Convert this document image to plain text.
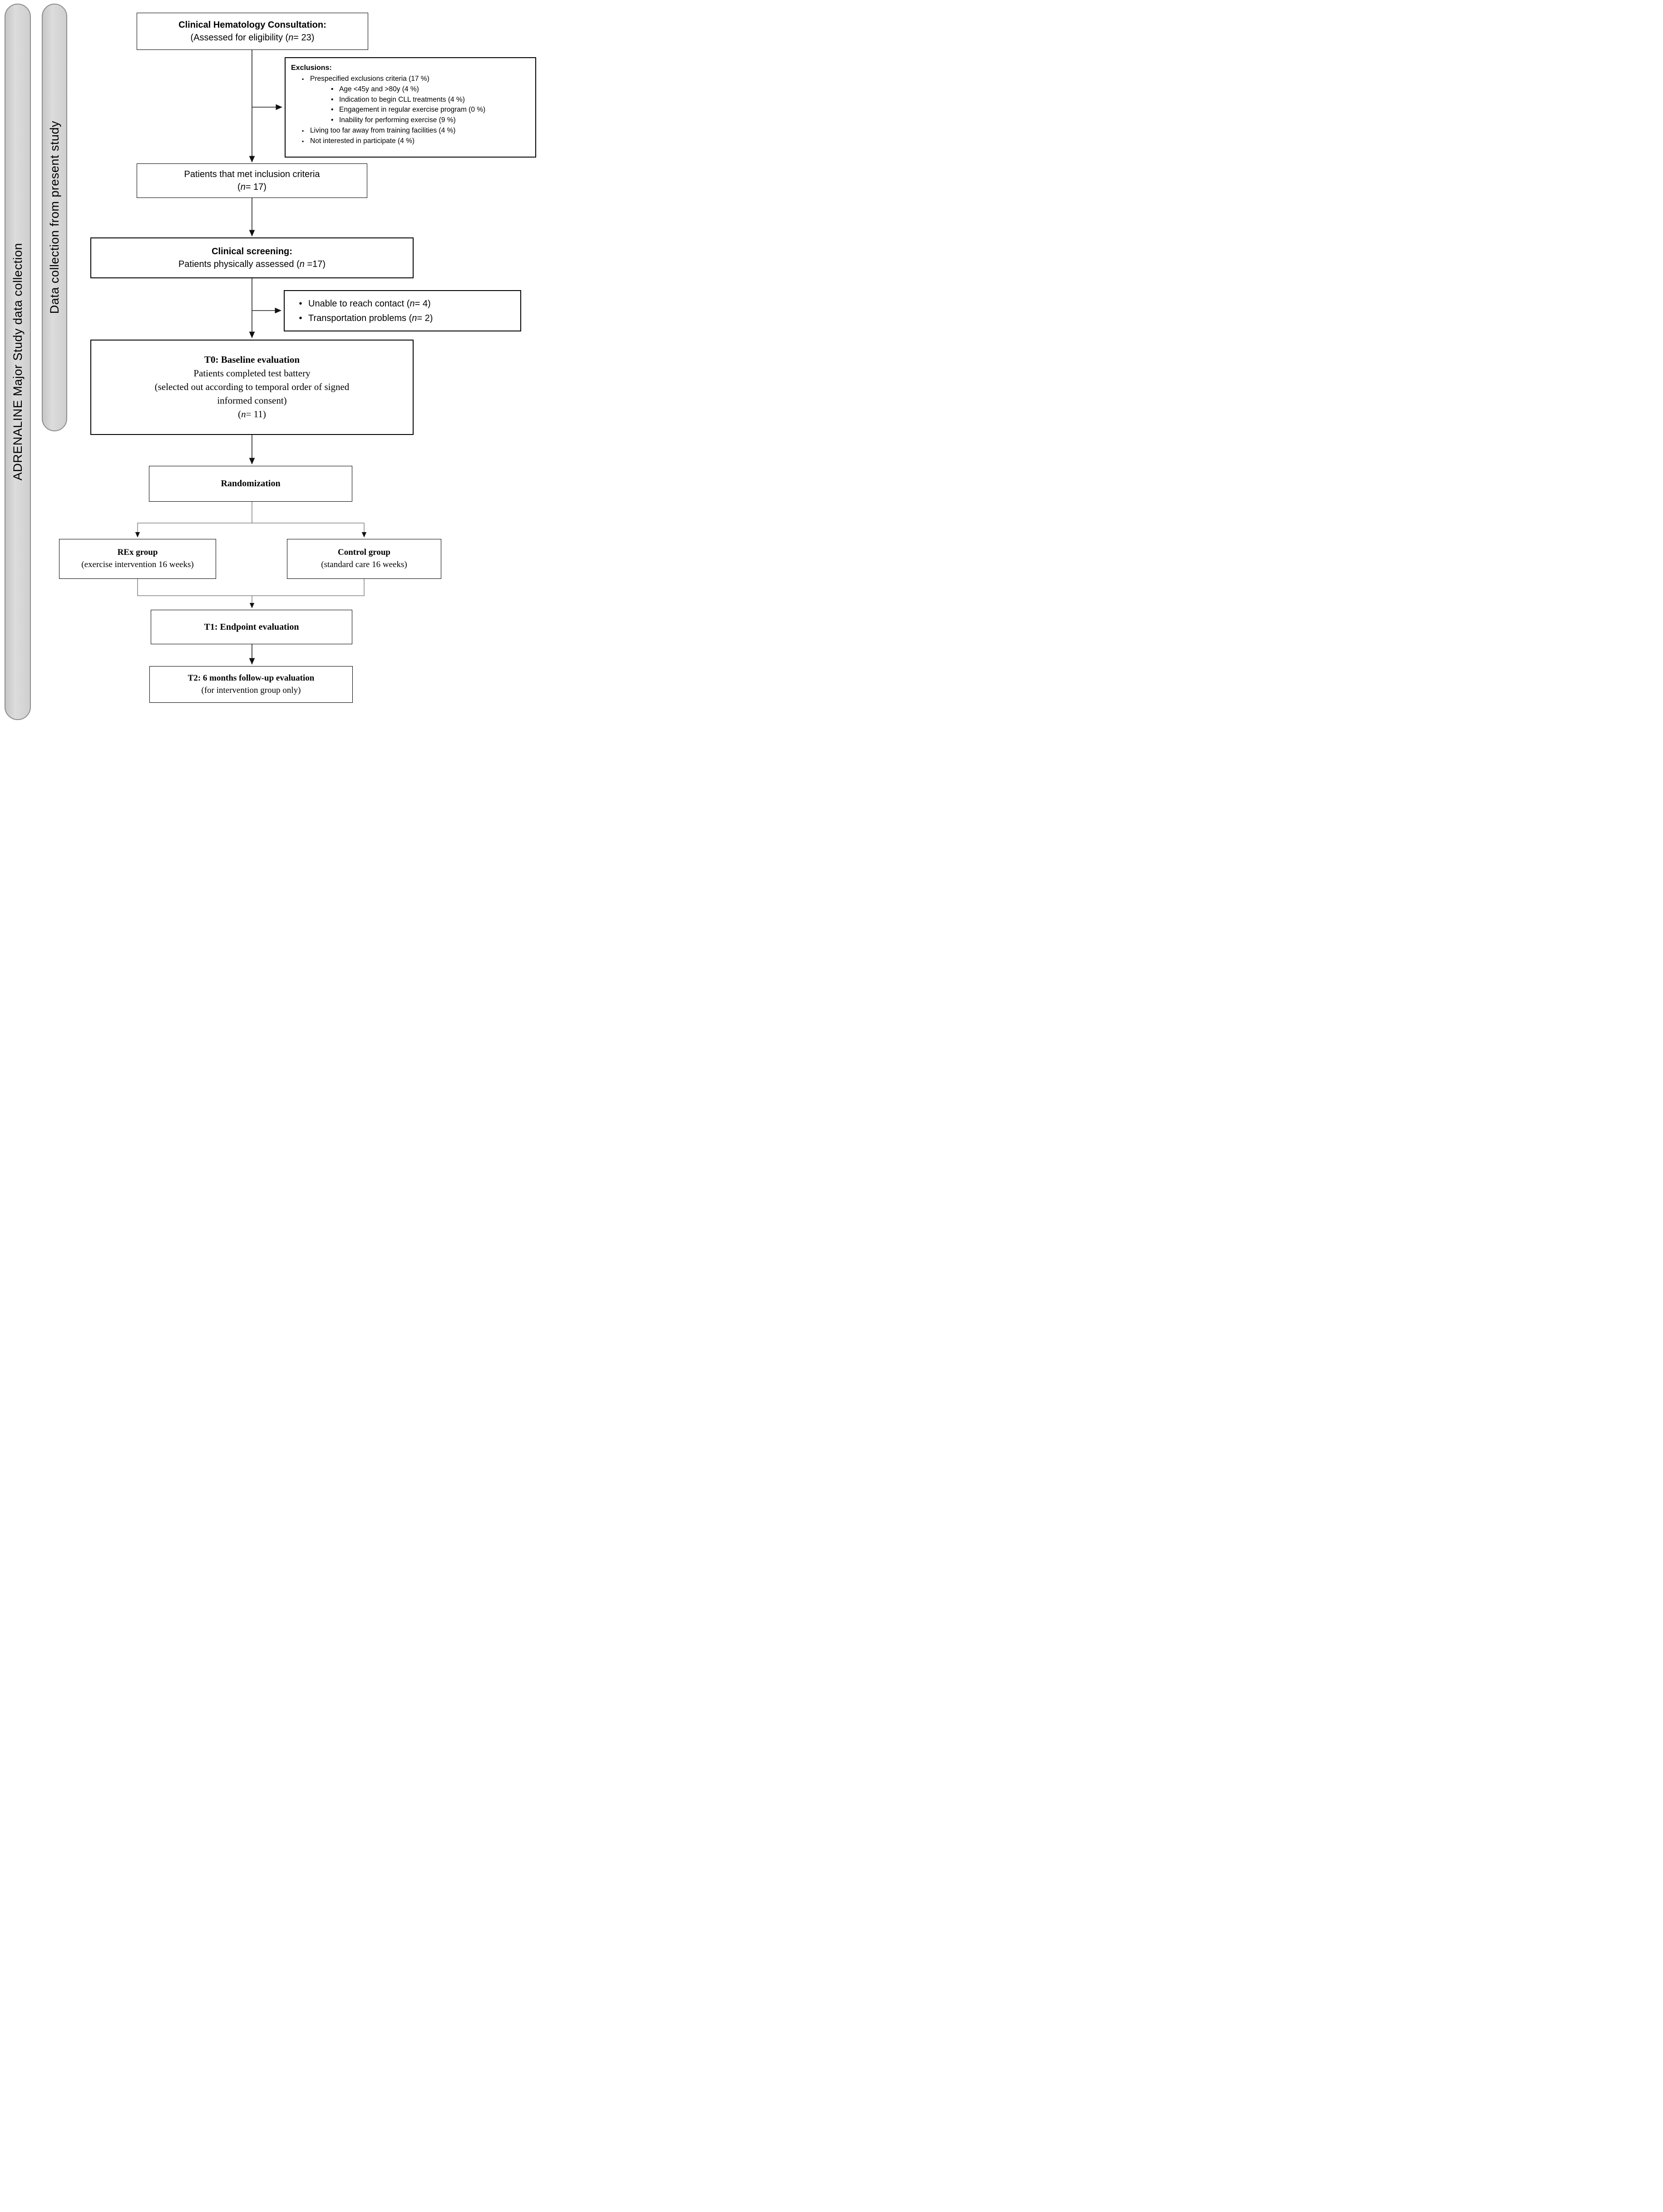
ADRENALINE Major Study data collection
Data collection from present study
Clinical Hematology Consultation:
(Assessed for eligibility (n= 23)
Exclusions:
▪ Prespecified exclusions criteria (17 %)
• Age <45y and >80y (4 %)
• Indication to begin CLL treatments (4 %)
• Engagement in regular exercise program (0 %)
• Inability for performing exercise (9 %)
▪ Living too far away from training facilities (4 %)
▪ Not interested in participate (4 %)
Patients that met inclusion criteria
(n= 17)
Clinical screening:
Patients physically assessed (n =17)
• Unable to reach contact (n= 4)
• Transportation problems (n= 2)
T0: Baseline evaluation
Patients completed test battery
(selected out according to temporal order of signed
informed consent)
(n= 11)
Randomization
REx group
(exercise intervention 16 weeks)
Control group
(standard care 16 weeks)
T1: Endpoint evaluation
T2: 6 months follow-up evaluation
(for intervention group only)
